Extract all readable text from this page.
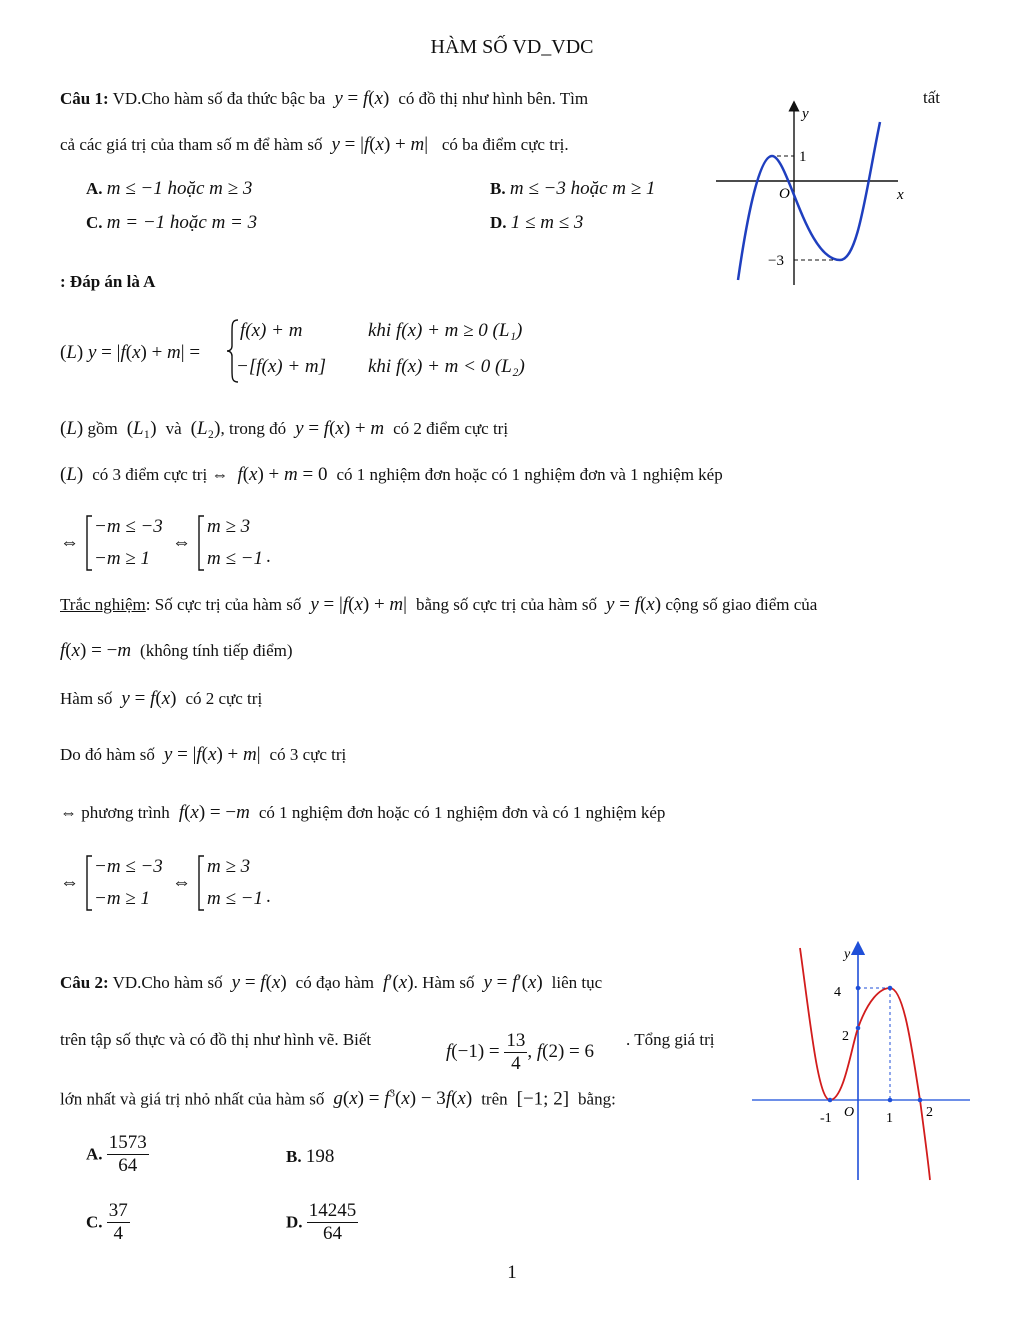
HÀM SỐ VD_VDC
Câu 1: VD.Cho hàm số đa thức bậc ba y = f(x)  có đồ thị như hình bên. Tìm	tất
cả các giá trị của tham số m để hàm số y = |f(x) + m|   có ba điểm cực trị.
A. m ≤ −1 hoặc m ≥ 3	B. m ≤ −3 hoặc m ≥ 1
C. m = −1 hoặc m = 3	D. 1 ≤ m ≤ 3
y
x
O
1
−3
: Đáp án là A
(L) y = |f(x) + m| =
f(x) + m	khi f(x) + m ≥ 0 (L₁)
−[f(x) + m] khi f(x) + m < 0 (L₂)
(L) gồm  (L₁)  và  (L₂), trong đó y = f(x) + m có 2 điểm cực trị
(L)  có 3 điểm cực trị ⇔ f(x) + m = 0  có 1 nghiệm đơn hoặc có 1 nghiệm đơn và 1 nghiệm kép
⇔
−m ≤ −3
−m ≥ 1
⇔
m ≥ 3
m ≤ −1 .
Trắc nghiệm: Số cực trị của hàm số y = |f(x) + m|  bằng số cực trị của hàm số y = f(x) cộng số giao điểm của
f(x) = −m (không tính tiếp điểm)
Hàm số y = f(x)  có 2 cực trị
Do đó hàm số y = |f(x) + m|  có 3 cực trị
⇔ phương trình f(x) = −m có 1 nghiệm đơn hoặc có 1 nghiệm đơn và có 1 nghiệm kép
⇔
−m ≤ −3
−m ≥ 1
⇔
m ≥ 3
m ≤ −1 .
Câu 2: VD.Cho hàm số y = f(x)  có đạo hàm f′(x). Hàm số y = f′(x)  liên tục
trên tập số thực và có đồ thị như hình vẽ. Biết
$f(-1) = \frac{13}{4}$ , f(2) = 6
. Tổng giá trị
lớn nhất và giá trị nhỏ nhất của hàm số $g(x) = f^3(x) - 3f(x)$  trên  [−1; 2]  bằng:
A. $\frac{1573}{64}$	B. 198
C. $\frac{37}{4}$	D. $\frac{14245}{64}$
y
4
2
-1 O 1 2
1
